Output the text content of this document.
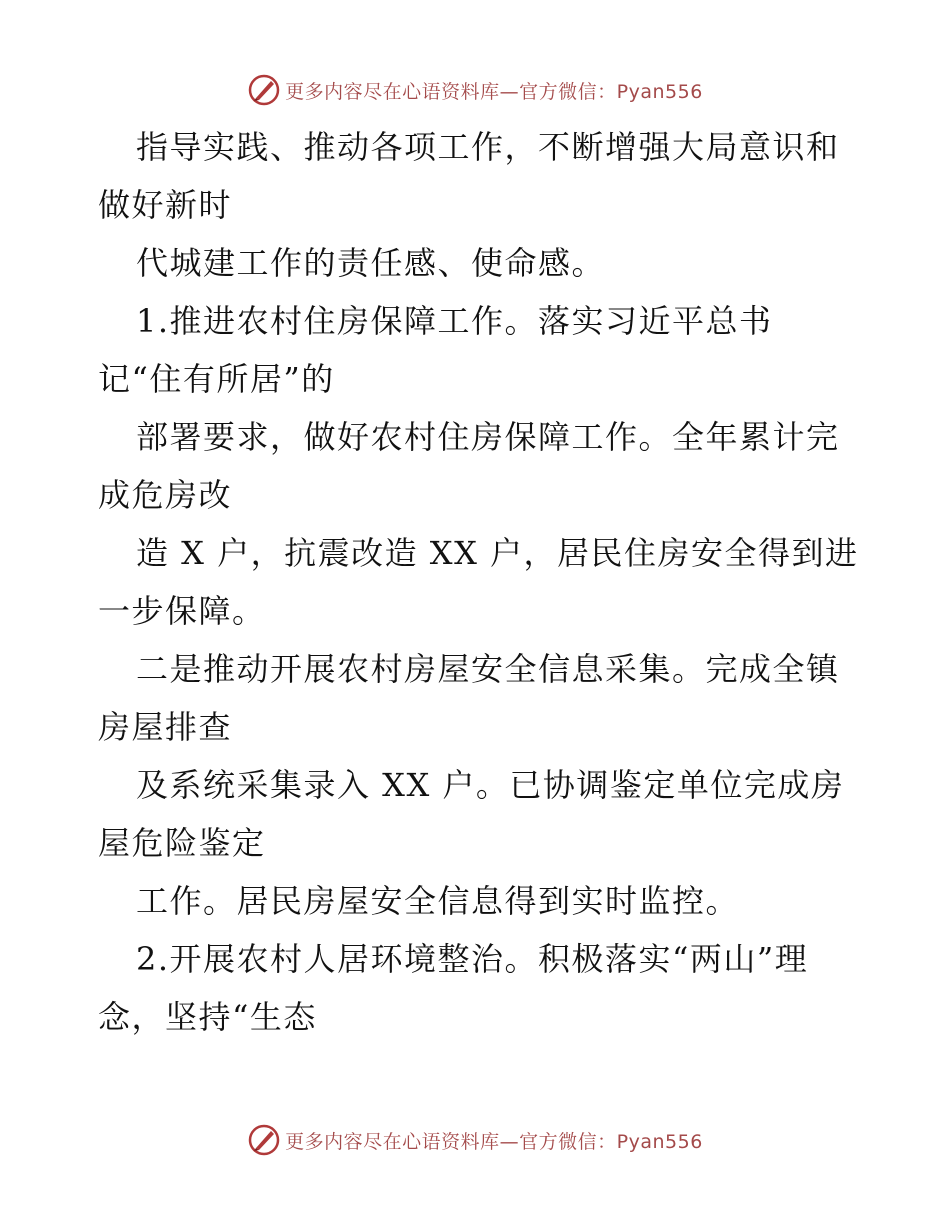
更多内容尽在心语资料库—官方微信：Pyan556
指导实践、推动各项工作，不断增强大局意识和
做好新时
代城建工作的责任感、使命感。
1.推进农村住房保障工作。落实习近平总书
记“住有所居”的
部署要求，做好农村住房保障工作。全年累计完
成危房改
造 X 户，抗震改造 XX 户，居民住房安全得到进
一步保障。
二是推动开展农村房屋安全信息采集。完成全镇
房屋排查
及系统采集录入 XX 户。已协调鉴定单位完成房
屋危险鉴定
工作。居民房屋安全信息得到实时监控。
2.开展农村人居环境整治。积极落实“两山”理
念，坚持“生态
更多内容尽在心语资料库—官方微信：Pyan556
